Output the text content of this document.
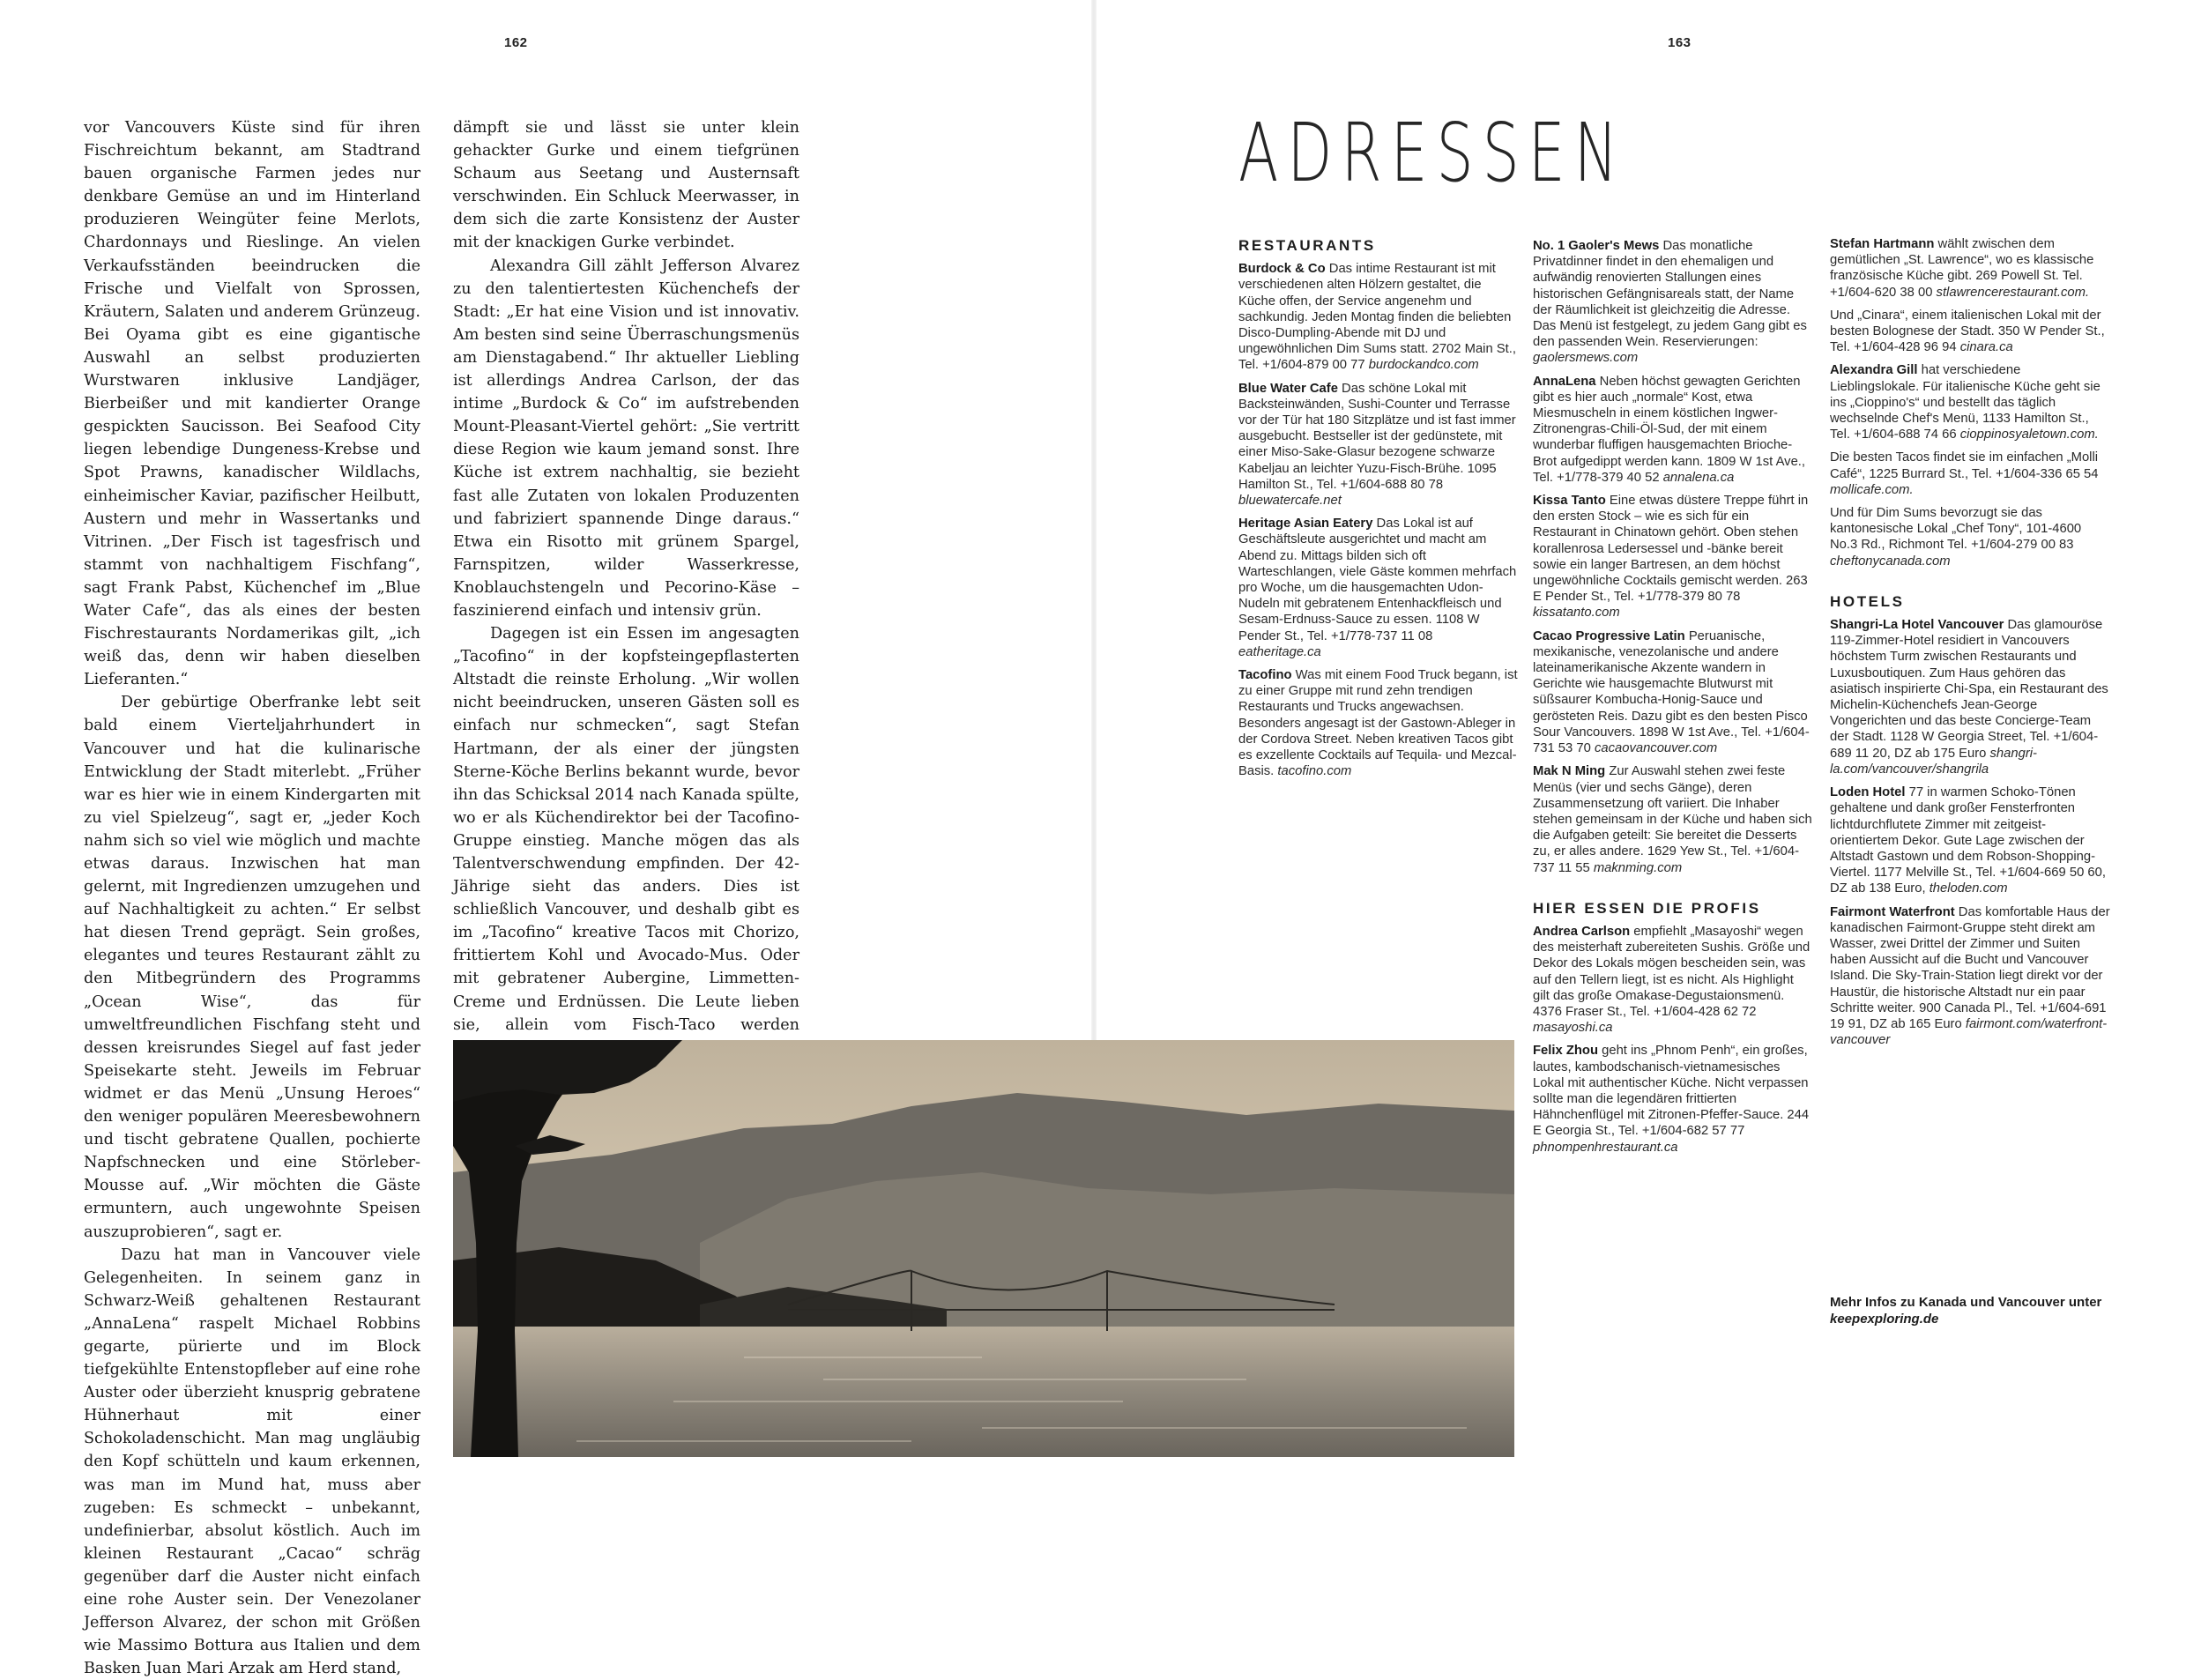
162	163

vor Vancouvers Küste sind für ihren Fischreichtum bekannt, am Stadtrand bauen organische Farmen jedes nur denkbare Gemüse an und im Hinterland produzieren Weingüter feine Merlots, Chardonnays und Rieslinge. An vielen Verkaufsständen beeindrucken die Frische und Vielfalt von Sprossen, Kräutern, Salaten und anderem Grünzeug. Bei Oyama gibt es eine gigantische Auswahl an selbst produzierten Wurstwaren inklusive Landjäger, Bierbeißer und mit kandierter Orange gespickten Saucisson. Bei Seafood City liegen lebendige Dungeness-Krebse und Spot Prawns, kanadischer Wildlachs, einheimischer Kaviar, pazifischer Heilbutt, Austern und mehr in Wassertanks und Vitrinen. „Der Fisch ist tagesfrisch und stammt von nachhaltigem Fischfang“, sagt Frank Pabst, Küchenchef im „Blue Water Cafe“, das als eines der besten Fischrestaurants Nordamerikas gilt, „ich weiß das, denn wir haben dieselben Lieferanten.“

Der gebürtige Oberfranke lebt seit bald einem Vierteljahrhundert in Vancouver und hat die kulinarische Entwicklung der Stadt miterlebt. „Früher war es hier wie in einem Kindergarten mit zu viel Spielzeug“, sagt er, „jeder Koch nahm sich so viel wie möglich und machte etwas daraus. Inzwischen hat man gelernt, mit Ingredienzen umzugehen und auf Nachhaltigkeit zu achten.“ Er selbst hat diesen Trend geprägt. Sein großes, elegantes und teures Restaurant zählt zu den Mitbegründern des Programms „Ocean Wise“, das für umweltfreundlichen Fischfang steht und dessen kreisrundes Siegel auf fast jeder Speisekarte steht. Jeweils im Februar widmet er das Menü „Unsung Heroes“ den weniger populären Meeresbewohnern und tischt gebratene Quallen, pochierte Napfschnecken und eine Störleber-Mousse auf. „Wir möchten die Gäste ermuntern, auch ungewohnte Speisen auszuprobieren“, sagt er.

Dazu hat man in Vancouver viele Gelegenheiten. In seinem ganz in Schwarz-Weiß gehaltenen Restaurant „AnnaLena“ raspelt Michael Robbins gegarte, pürierte und im Block tiefgekühlte Entenstopfleber auf eine rohe Auster oder überzieht knusprig gebratene Hühnerhaut mit einer Schokoladenschicht. Man mag ungläubig den Kopf schütteln und kaum erkennen, was man im Mund hat, muss aber zugeben: Es schmeckt – unbekannt, undefinierbar, absolut köstlich. Auch im kleinen Restaurant „Cacao“ schräg gegenüber darf die Auster nicht einfach eine rohe Auster sein. Der Venezolaner Jefferson Alvarez, der schon mit Größen wie Massimo Bottura aus Italien und dem Basken Juan Mari Arzak am Herd stand,

dämpft sie und lässt sie unter klein gehackter Gurke und einem tiefgrünen Schaum aus Seetang und Austernsaft verschwinden. Ein Schluck Meerwasser, in dem sich die zarte Konsistenz der Auster mit der knackigen Gurke verbindet.

Alexandra Gill zählt Jefferson Alvarez zu den talentiertesten Küchenchefs der Stadt: „Er hat eine Vision und ist innovativ. Am besten sind seine Überraschungsmenüs am Dienstagabend.“ Ihr aktueller Liebling ist allerdings Andrea Carlson, der das intime „Burdock & Co“ im aufstrebenden Mount-Pleasant-Viertel gehört: „Sie vertritt diese Region wie kaum jemand sonst. Ihre Küche ist extrem nachhaltig, sie bezieht fast alle Zutaten von lokalen Produzenten und fabriziert spannende Dinge daraus.“ Etwa ein Risotto mit grünem Spargel, Farnspitzen, wilder Wasserkresse, Knoblauchstengeln und Pecorino-Käse – faszinierend einfach und intensiv grün.

Dagegen ist ein Essen im angesagten „Tacofino“ in der kopfsteingepflasterten Altstadt die reinste Erholung. „Wir wollen nicht beeindrucken, unseren Gästen soll es einfach nur schmecken“, sagt Stefan Hartmann, der als einer der jüngsten Sterne-Köche Berlins bekannt wurde, bevor ihn das Schicksal 2014 nach Kanada spülte, wo er als Küchendirektor bei der Tacofino-Gruppe einstieg. Manche mögen das als Talentverschwendung empfinden. Der 42-Jährige sieht das anders. Dies ist schließlich Vancouver, und deshalb gibt es im „Tacofino“ kreative Tacos mit Chorizo, frittiertem Kohl und Avocado-Mus. Oder mit gebratener Aubergine, Limmetten-Creme und Erdnüssen. Die Leute lieben sie, allein vom Fisch-Taco werden

ADRESSEN
RESTAURANTS
Burdock & Co Das intime Restaurant ist mit verschiedenen alten Hölzern gestaltet, die Küche offen, der Service angenehm und sachkundig. Jeden Montag finden die beliebten Disco-Dumpling-Abende mit DJ und ungewöhnlichen Dim Sums statt. 2702 Main St., Tel. +1/604-879 00 77 burdockandco.com
Blue Water Cafe Das schöne Lokal mit Backsteinwänden, Sushi-Counter und Terrasse vor der Tür hat 180 Sitzplätze und ist fast immer ausgebucht. Bestseller ist der gedünstete, mit einer Miso-Sake-Glasur bezogene schwarze Kabeljau an leichter Yuzu-Fisch-Brühe. 1095 Hamilton St., Tel. +1/604-688 80 78 bluewatercafe.net
Heritage Asian Eatery Das Lokal ist auf Geschäftsleute ausgerichtet und macht am Abend zu. Mittags bilden sich oft Warteschlangen, viele Gäste kommen mehrfach pro Woche, um die hausgemachten Udon-Nudeln mit gebratenem Entenhackfleisch und Sesam-Erdnuss-Sauce zu essen. 1108 W Pender St., Tel. +1/778-737 11 08 eatheritage.ca
Tacofino Was mit einem Food Truck begann, ist zu einer Gruppe mit rund zehn trendigen Restaurants und Trucks angewachsen. Besonders angesagt ist der Gastown-Ableger in der Cordova Street. Neben kreativen Tacos gibt es exzellente Cocktails auf Tequila- und Mezcal-Basis. tacofino.com
No. 1 Gaoler's Mews Das monatliche Privatdinner findet in den ehemaligen und aufwändig renovierten Stallungen eines historischen Gefängnisareals statt, der Name der Räumlichkeit ist gleichzeitig die Adresse. Das Menü ist festgelegt, zu jedem Gang gibt es den passenden Wein. Reservierungen: gaolersmews.com
AnnaLena Neben höchst gewagten Gerichten gibt es hier auch „normale“ Kost, etwa Miesmuscheln in einem köstlichen Ingwer-Zitronengras-Chili-Öl-Sud, der mit einem wunderbar fluffigen hausgemachten Brioche-Brot aufgedippt werden kann. 1809 W 1st Ave., Tel. +1/778-379 40 52 annalena.ca
Kissa Tanto Eine etwas düstere Treppe führt in den ersten Stock – wie es sich für ein Restaurant in Chinatown gehört. Oben stehen korallenrosa Ledersessel und -bänke bereit sowie ein langer Bartresen, an dem höchst ungewöhnliche Cocktails gemischt werden. 263 E Pender St., Tel. +1/778-379 80 78 kissatanto.com
Cacao Progressive Latin Peruanische, mexikanische, venezolanische und andere lateinamerikanische Akzente wandern in Gerichte wie hausgemachte Blutwurst mit süßsaurer Kombucha-Honig-Sauce und gerösteten Reis. Dazu gibt es den besten Pisco Sour Vancouvers. 1898 W 1st Ave., Tel. +1/604-731 53 70 cacaovancouver.com
Mak N Ming Zur Auswahl stehen zwei feste Menüs (vier und sechs Gänge), deren Zusammensetzung oft variiert. Die Inhaber stehen gemeinsam in der Küche und haben sich die Aufgaben geteilt: Sie bereitet die Desserts zu, er alles andere. 1629 Yew St., Tel. +1/604-737 11 55 maknming.com
HIER ESSEN DIE PROFIS
Andrea Carlson empfiehlt „Masayoshi“ wegen des meisterhaft zubereiteten Sushis. Größe und Dekor des Lokals mögen bescheiden sein, was auf den Tellern liegt, ist es nicht. Als Highlight gilt das große Omakase-Degustaionsmenü. 4376 Fraser St., Tel. +1/604-428 62 72 masayoshi.ca
Felix Zhou geht ins „Phnom Penh“, ein großes, lautes, kambodschanisch-vietnamesisches Lokal mit authentischer Küche. Nicht verpassen sollte man die legendären frittierten Hähnchenflügel mit Zitronen-Pfeffer-Sauce. 244 E Georgia St., Tel. +1/604-682 57 77 phnompenhrestaurant.ca
Stefan Hartmann wählt zwischen dem gemütlichen „St. Lawrence“, wo es klassische französische Küche gibt. 269 Powell St. Tel. +1/604-620 38 00 stlawrencerestaurant.com.
Und „Cinara“, einem italienischen Lokal mit der besten Bolognese der Stadt. 350 W Pender St., Tel. +1/604-428 96 94 cinara.ca
Alexandra Gill hat verschiedene Lieblingslokale. Für italienische Küche geht sie ins „Cioppino's“ und bestellt das täglich wechselnde Chef's Menü, 1133 Hamilton St., Tel. +1/604-688 74 66 cioppinosyaletown.com.
Die besten Tacos findet sie im einfachen „Molli Café“, 1225 Burrard St., Tel. +1/604-336 65 54 mollicafe.com.
Und für Dim Sums bevorzugt sie das kantonesische Lokal „Chef Tony“, 101-4600 No.3 Rd., Richmont Tel. +1/604-279 00 83 cheftonycanada.com
HOTELS
Shangri-La Hotel Vancouver Das glamouröse 119-Zimmer-Hotel residiert in Vancouvers höchstem Turm zwischen Restaurants und Luxusboutiquen. Zum Haus gehören das asiatisch inspirierte Chi-Spa, ein Restaurant des Michelin-Küchenchefs Jean-George Vongerichten und das beste Concierge-Team der Stadt. 1128 W Georgia Street, Tel. +1/604-689 11 20, DZ ab 175 Euro shangri-la.com/vancouver/shangrila
Loden Hotel 77 in warmen Schoko-Tönen gehaltene und dank großer Fensterfronten lichtdurchflutete Zimmer mit zeitgeist-orientiertem Dekor. Gute Lage zwischen der Altstadt Gastown und dem Robson-Shopping-Viertel. 1177 Melville St., Tel. +1/604-669 50 60, DZ ab 138 Euro, theloden.com
Fairmont Waterfront Das komfortable Haus der kanadischen Fairmont-Gruppe steht direkt am Wasser, zwei Drittel der Zimmer und Suiten haben Aussicht auf die Bucht und Vancouver Island. Die Sky-Train-Station liegt direkt vor der Haustür, die historische Altstadt nur ein paar Schritte weiter. 900 Canada Pl., Tel. +1/604-691 19 91, DZ ab 165 Euro fairmont.com/waterfront-vancouver
Mehr Infos zu Kanada und Vancouver unter keepexploring.de
